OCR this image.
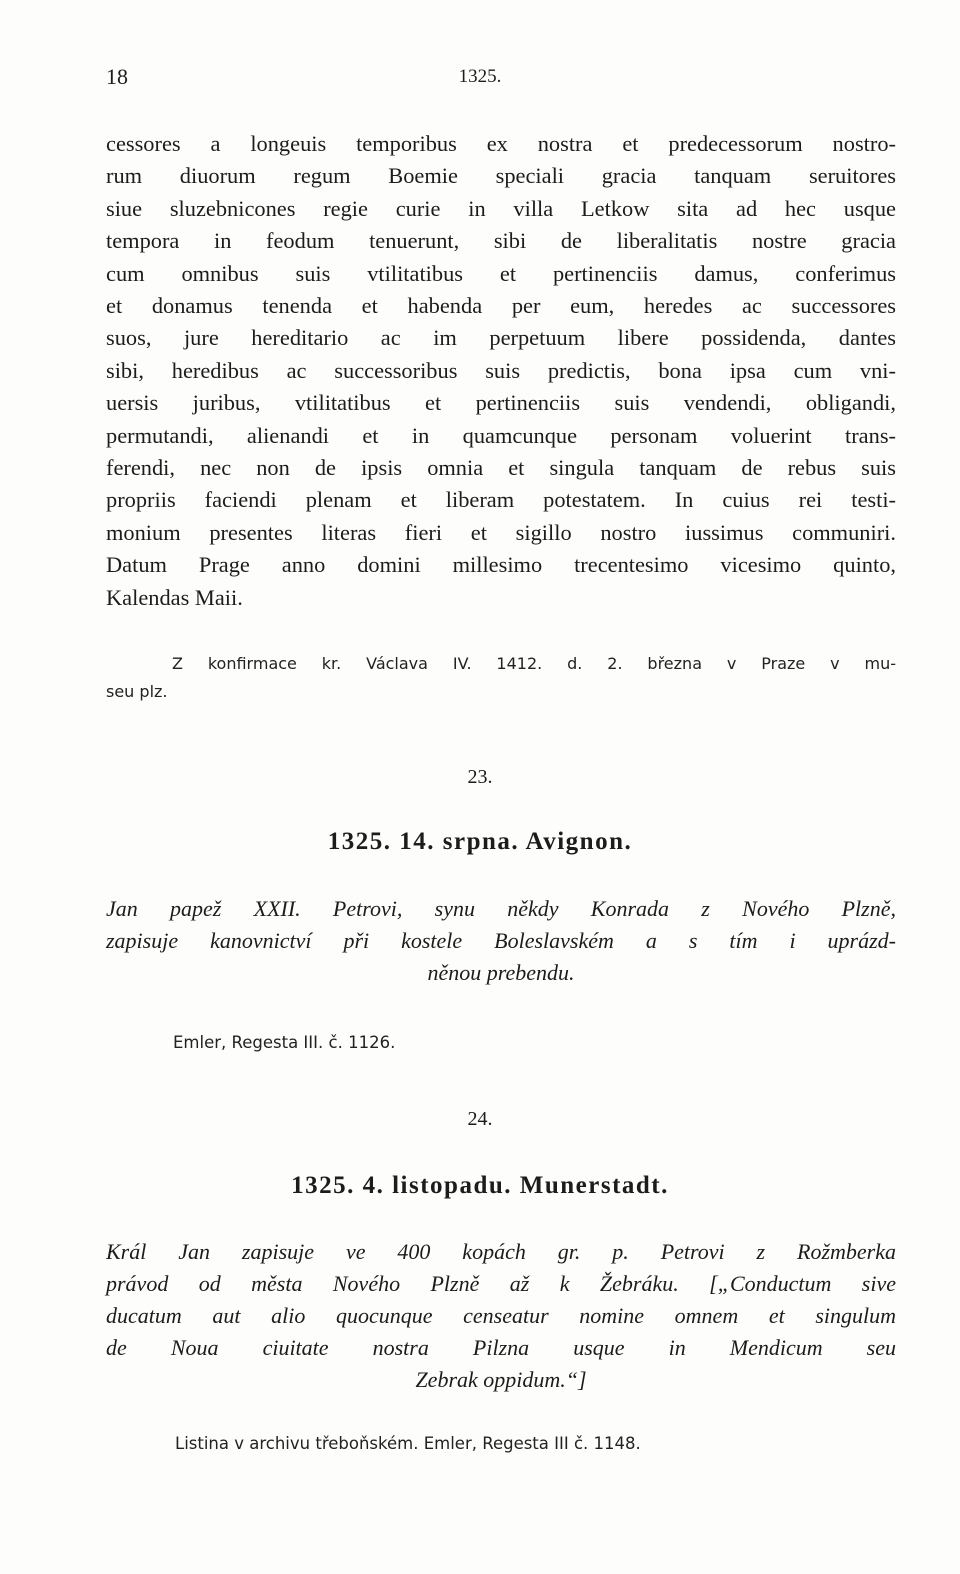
18	1325.
cessores a longeuis temporibus ex nostra et predecessorum nostro-
rum diuorum regum Boemie speciali gracia tanquam seruitores
siue sluzebnicones regie curie in villa Letkow sita ad hec usque
tempora in feodum tenuerunt, sibi de liberalitatis nostre gracia
cum omnibus suis vtilitatibus et pertinenciis damus, conferimus
et donamus tenenda et habenda per eum, heredes ac successores
suos, jure hereditario ac im perpetuum libere possidenda, dantes
sibi, heredibus ac successoribus suis predictis, bona ipsa cum vni-
uersis juribus, vtilitatibus et pertinenciis suis vendendi, obligandi,
permutandi, alienandi et in quamcunque personam voluerint trans-
ferendi, nec non de ipsis omnia et singula tanquam de rebus suis
propriis faciendi plenam et liberam potestatem. In cuius rei testi-
monium presentes literas fieri et sigillo nostro iussimus communiri.
Datum Prage anno domini millesimo trecentesimo vicesimo quinto,
Kalendas Maii.
Z konfirmace kr. Václava IV. 1412. d. 2. března v Praze v mu-
seu plz.
23.
1325. 14. srpna. Avignon.
Jan papež XXII. Petrovi, synu někdy Konrada z Nového Plzně,
zapisuje kanovnictví při kostele Boleslavském a s tím i uprázd-
něnou prebendu.
Emler, Regesta III. č. 1126.
24.
1325. 4. listopadu. Munerstadt.
Král Jan zapisuje ve 400 kopách gr. p. Petrovi z Rožmberka
právod od města Nového Plzně až k Žebráku. [„Conductum sive
ducatum aut alio quocunque censeatur nomine omnem et singulum
de Noua ciuitate nostra Pilzna usque in Mendicum seu
Zebrak oppidum.“]
Listina v archivu třeboňském. Emler, Regesta III č. 1148.
